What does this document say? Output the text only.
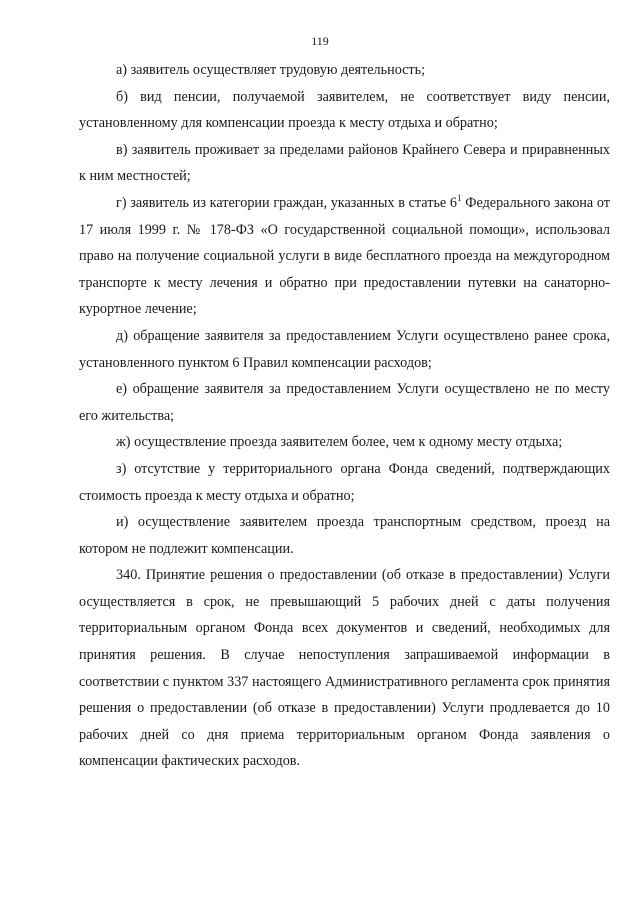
119

а) заявитель осуществляет трудовую деятельность;

б) вид пенсии, получаемой заявителем, не соответствует виду пенсии, установленному для компенсации проезда к месту отдыха и обратно;

в) заявитель проживает за пределами районов Крайнего Севера и приравненных к ним местностей;

г) заявитель из категории граждан, указанных в статье $6^1$ Федерального закона от 17 июля 1999 г. № 178-ФЗ «О государственной социальной помощи», использовал право на получение социальной услуги в виде бесплатного проезда на междугородном транспорте к месту лечения и обратно при предоставлении путевки на санаторно-курортное лечение;

д) обращение заявителя за предоставлением Услуги осуществлено ранее срока, установленного пунктом 6 Правил компенсации расходов;

е) обращение заявителя за предоставлением Услуги осуществлено не по месту его жительства;

ж) осуществление проезда заявителем более, чем к одному месту отдыха;

з) отсутствие у территориального органа Фонда сведений, подтверждающих стоимость проезда к месту отдыха и обратно;

и) осуществление заявителем проезда транспортным средством, проезд на котором не подлежит компенсации.

340. Принятие решения о предоставлении (об отказе в предоставлении) Услуги осуществляется в срок, не превышающий 5 рабочих дней с даты получения территориальным органом Фонда всех документов и сведений, необходимых для принятия решения. В случае непоступления запрашиваемой информации в соответствии с пунктом 337 настоящего Административного регламента срок принятия решения о предоставлении (об отказе в предоставлении) Услуги продлевается до 10 рабочих дней со дня приема территориальным органом Фонда заявления о компенсации фактических расходов.
